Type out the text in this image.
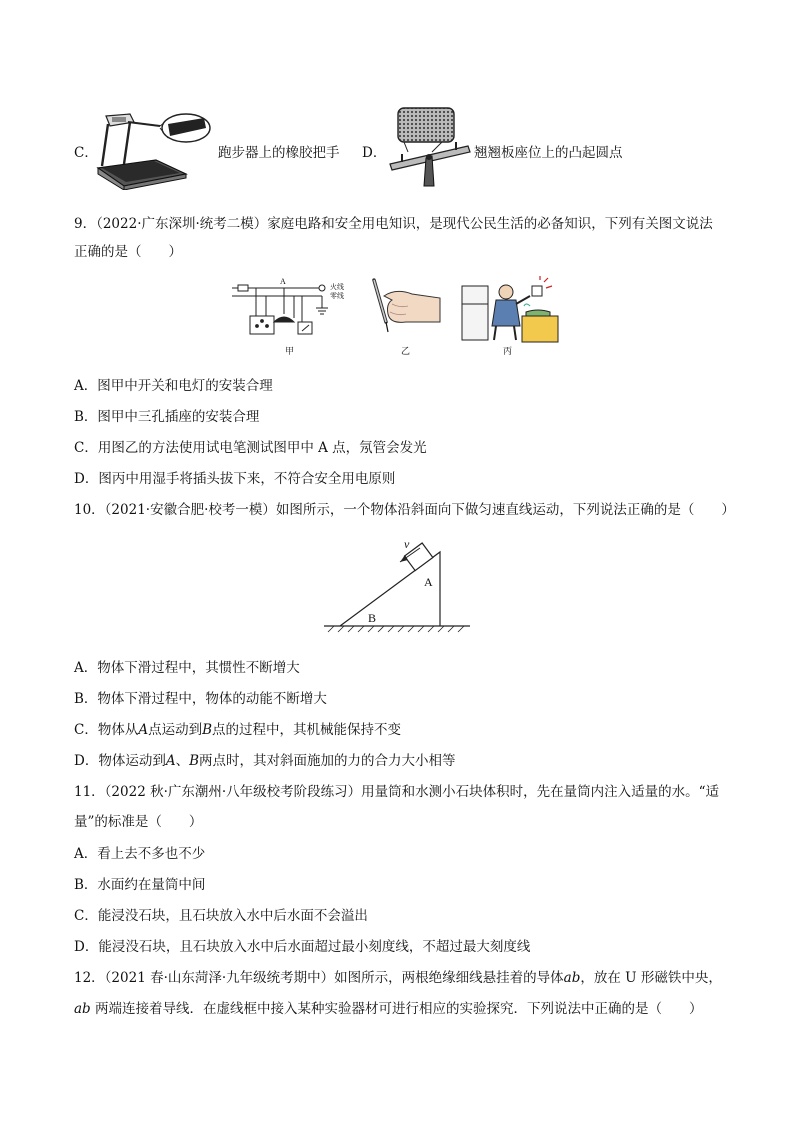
C．	跑步器上的橡胶把手 D．	翘翘板座位上的凸起圆点
9．（2022·广东深圳·统考二模）家庭电路和安全用电知识，是现代公民生活的必备知识，下列有关图文说法
正确的是（　　）
A
火线
零线
甲	乙	丙
A．图甲中开关和电灯的安装合理
B．图甲中三孔插座的安装合理
C．用图乙的方法使用试电笔测试图甲中 A 点，氖管会发光
D．图丙中用湿手将插头拔下来，不符合安全用电原则
10．（2021·安徽合肥·校考一模）如图所示，一个物体沿斜面向下做匀速直线运动，下列说法正确的是（　　）
v
A
B
A．物体下滑过程中，其惯性不断增大
B．物体下滑过程中，物体的动能不断增大
C．物体从A点运动到B点的过程中，其机械能保持不变
D．物体运动到A、B两点时，其对斜面施加的力的合力大小相等
11．（2022 秋·广东潮州·八年级校考阶段练习）用量筒和水测小石块体积时，先在量筒内注入适量的水。“适
量”的标准是（　　）
A．看上去不多也不少
B．水面约在量筒中间
C．能浸没石块，且石块放入水中后水面不会溢出
D．能浸没石块，且石块放入水中后水面超过最小刻度线，不超过最大刻度线
12．（2021 春·山东菏泽·九年级统考期中）如图所示，两根绝缘细线悬挂着的导体ab，放在 U 形磁铁中央，
ab 两端连接着导线．在虚线框中接入某种实验器材可进行相应的实验探究．下列说法中正确的是（　　）
